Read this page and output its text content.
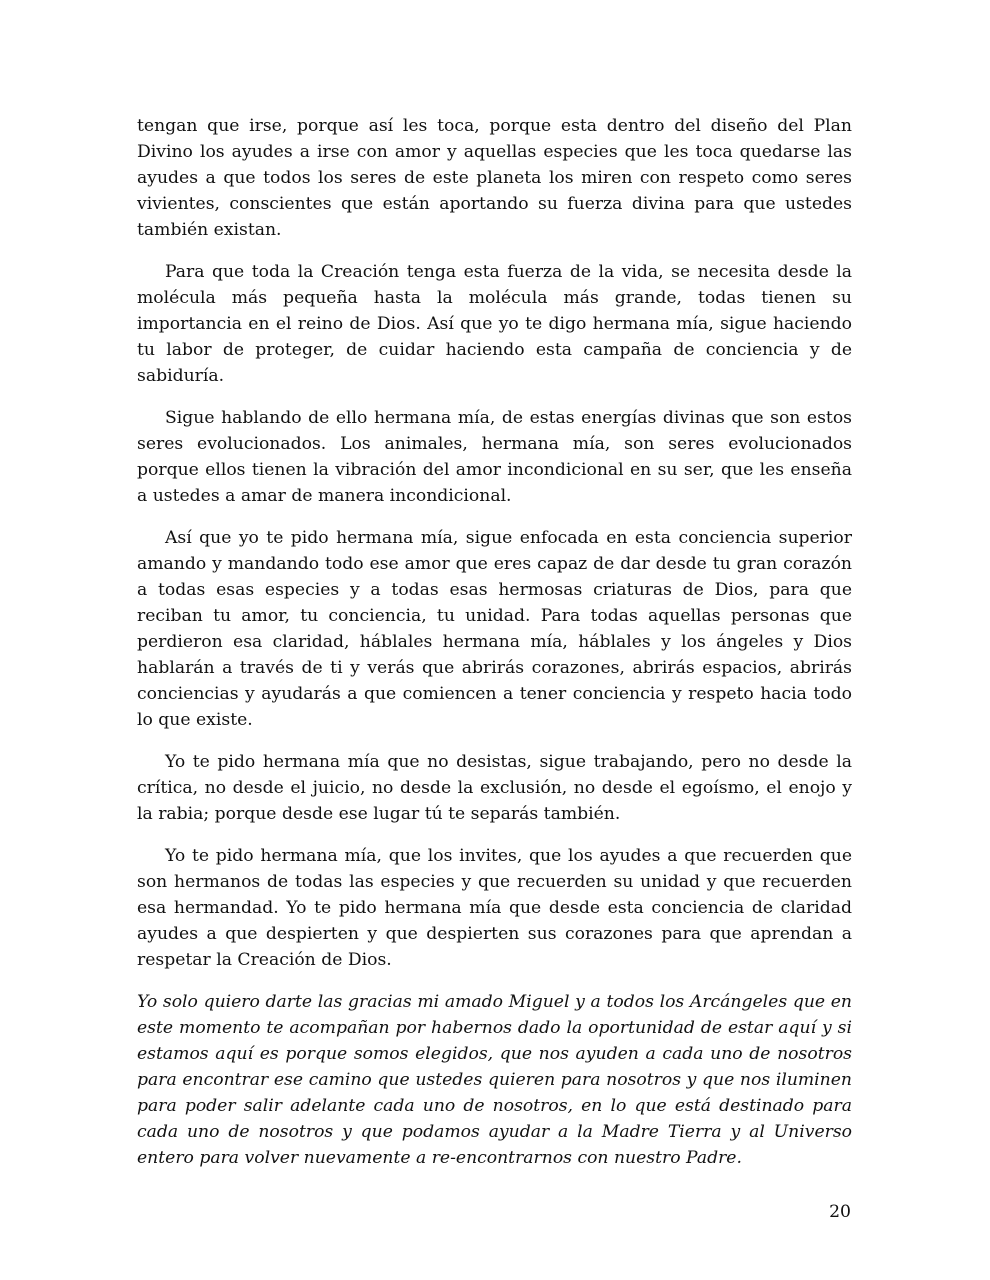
tengan que irse, porque así les toca, porque esta dentro del diseño del Plan Divino los ayudes a irse con amor y aquellas especies que les toca quedarse las ayudes a que todos los seres de este planeta los miren con respeto como seres vivientes, conscientes que están aportando su fuerza divina para que ustedes también existan.

Para que toda la Creación tenga esta fuerza de la vida, se necesita desde la molécula más pequeña hasta la molécula más grande, todas tienen su importancia en el reino de Dios. Así que yo te digo hermana mía, sigue haciendo tu labor de proteger, de cuidar haciendo esta campaña de conciencia y de sabiduría.

Sigue hablando de ello hermana mía, de estas energías divinas que son estos seres evolucionados. Los animales, hermana mía, son seres evolucionados porque ellos tienen la vibración del amor incondicional en su ser, que les enseña a ustedes a amar de manera incondicional.

Así que yo te pido hermana mía, sigue enfocada en esta conciencia superior amando y mandando todo ese amor que eres capaz de dar desde tu gran corazón a todas esas especies y a todas esas hermosas criaturas de Dios, para que reciban tu amor, tu conciencia, tu unidad. Para todas aquellas personas que perdieron esa claridad, háblales hermana mía, háblales y los ángeles y Dios hablarán a través de ti y verás que abrirás corazones, abrirás espacios, abrirás conciencias y ayudarás a que comiencen a tener conciencia y respeto hacia todo lo que existe.

Yo te pido hermana mía que no desistas, sigue trabajando, pero no desde la crítica, no desde el juicio, no desde la exclusión, no desde el egoísmo, el enojo y la rabia; porque desde ese lugar tú te separás también.

Yo te pido hermana mía, que los invites, que los ayudes a que recuerden que son hermanos de todas las especies y que recuerden su unidad y que recuerden esa hermandad. Yo te pido hermana mía que desde esta conciencia de claridad ayudes a que despierten y que despierten sus corazones para que aprendan a respetar la Creación de Dios.

Yo solo quiero darte las gracias mi amado Miguel y a todos los Arcángeles que en este momento te acompañan por habernos dado la oportunidad de estar aquí y si estamos aquí es porque somos elegidos, que nos ayuden a cada uno de nosotros para encontrar ese camino que ustedes quieren para nosotros y que nos iluminen para poder salir adelante cada uno de nosotros, en lo que está destinado para cada uno de nosotros y que podamos ayudar a la Madre Tierra y al Universo entero para volver nuevamente a re-encontrarnos con nuestro Padre.

20
